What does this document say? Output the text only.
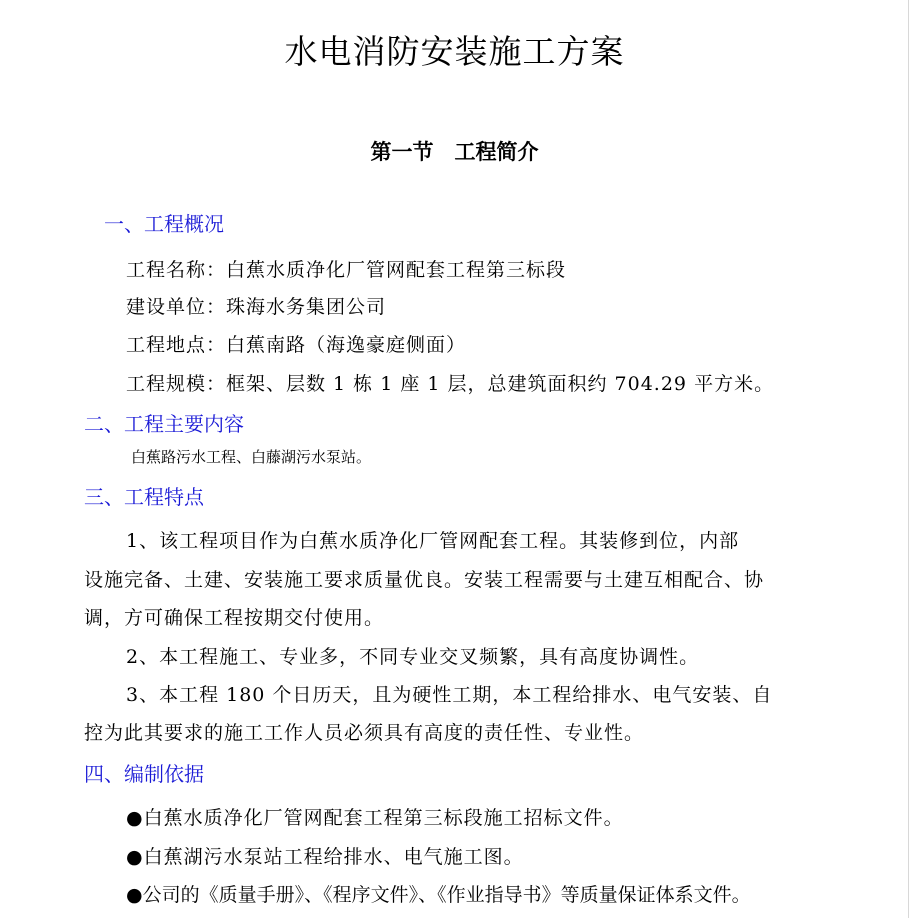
水电消防安装施工方案
第一节　工程简介
一、工程概况
工程名称：白蕉水质净化厂管网配套工程第三标段
建设单位：珠海水务集团公司
工程地点：白蕉南路（海逸豪庭侧面）
工程规模：框架、层数 1 栋 1 座 1 层，总建筑面积约 704.29 平方米。
二、工程主要内容
白蕉路污水工程、白藤湖污水泵站。
三、工程特点
1、该工程项目作为白蕉水质净化厂管网配套工程。其装修到位，内部
设施完备、土建、安装施工要求质量优良。安装工程需要与土建互相配合、协
调，方可确保工程按期交付使用。
2、本工程施工、专业多，不同专业交叉频繁，具有高度协调性。
3、本工程 180 个日历天，且为硬性工期，本工程给排水、电气安装、自
控为此其要求的施工工作人员必须具有高度的责任性、专业性。
四、编制依据
●白蕉水质净化厂管网配套工程第三标段施工招标文件。
●白蕉湖污水泵站工程给排水、电气施工图。
●公司的《质量手册》、《程序文件》、《作业指导书》等质量保证体系文件。
